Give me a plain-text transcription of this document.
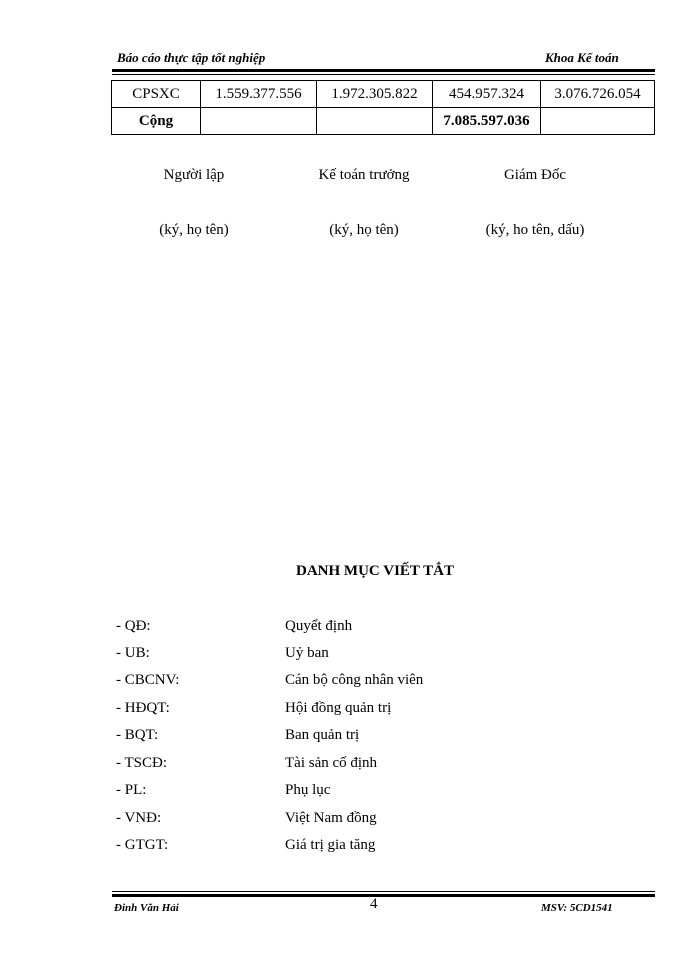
Báo cáo thực tập tốt nghiệp	Khoa Kế toán
CPSXC	1.559.377.556	1.972.305.822	454.957.324	3.076.726.054
Cộng			7.085.597.036	
Người lập	Kế toán trưởng	Giám Đốc
(ký, họ tên)	(ký, họ tên)	(ký, ho tên, dấu)
DANH MỤC VIẾT TẮT
- QĐ:	Quyết định
- UB:	Uỷ ban
- CBCNV:	Cán bộ công nhân viên
- HĐQT:	Hội đồng quản trị
- BQT:	Ban quản trị
- TSCĐ:	Tài sản cố định
- PL:	Phụ lục
- VNĐ:	Việt Nam đồng
- GTGT:	Giá trị gia tăng
Đinh Văn Hải	4	MSV: 5CD1541
